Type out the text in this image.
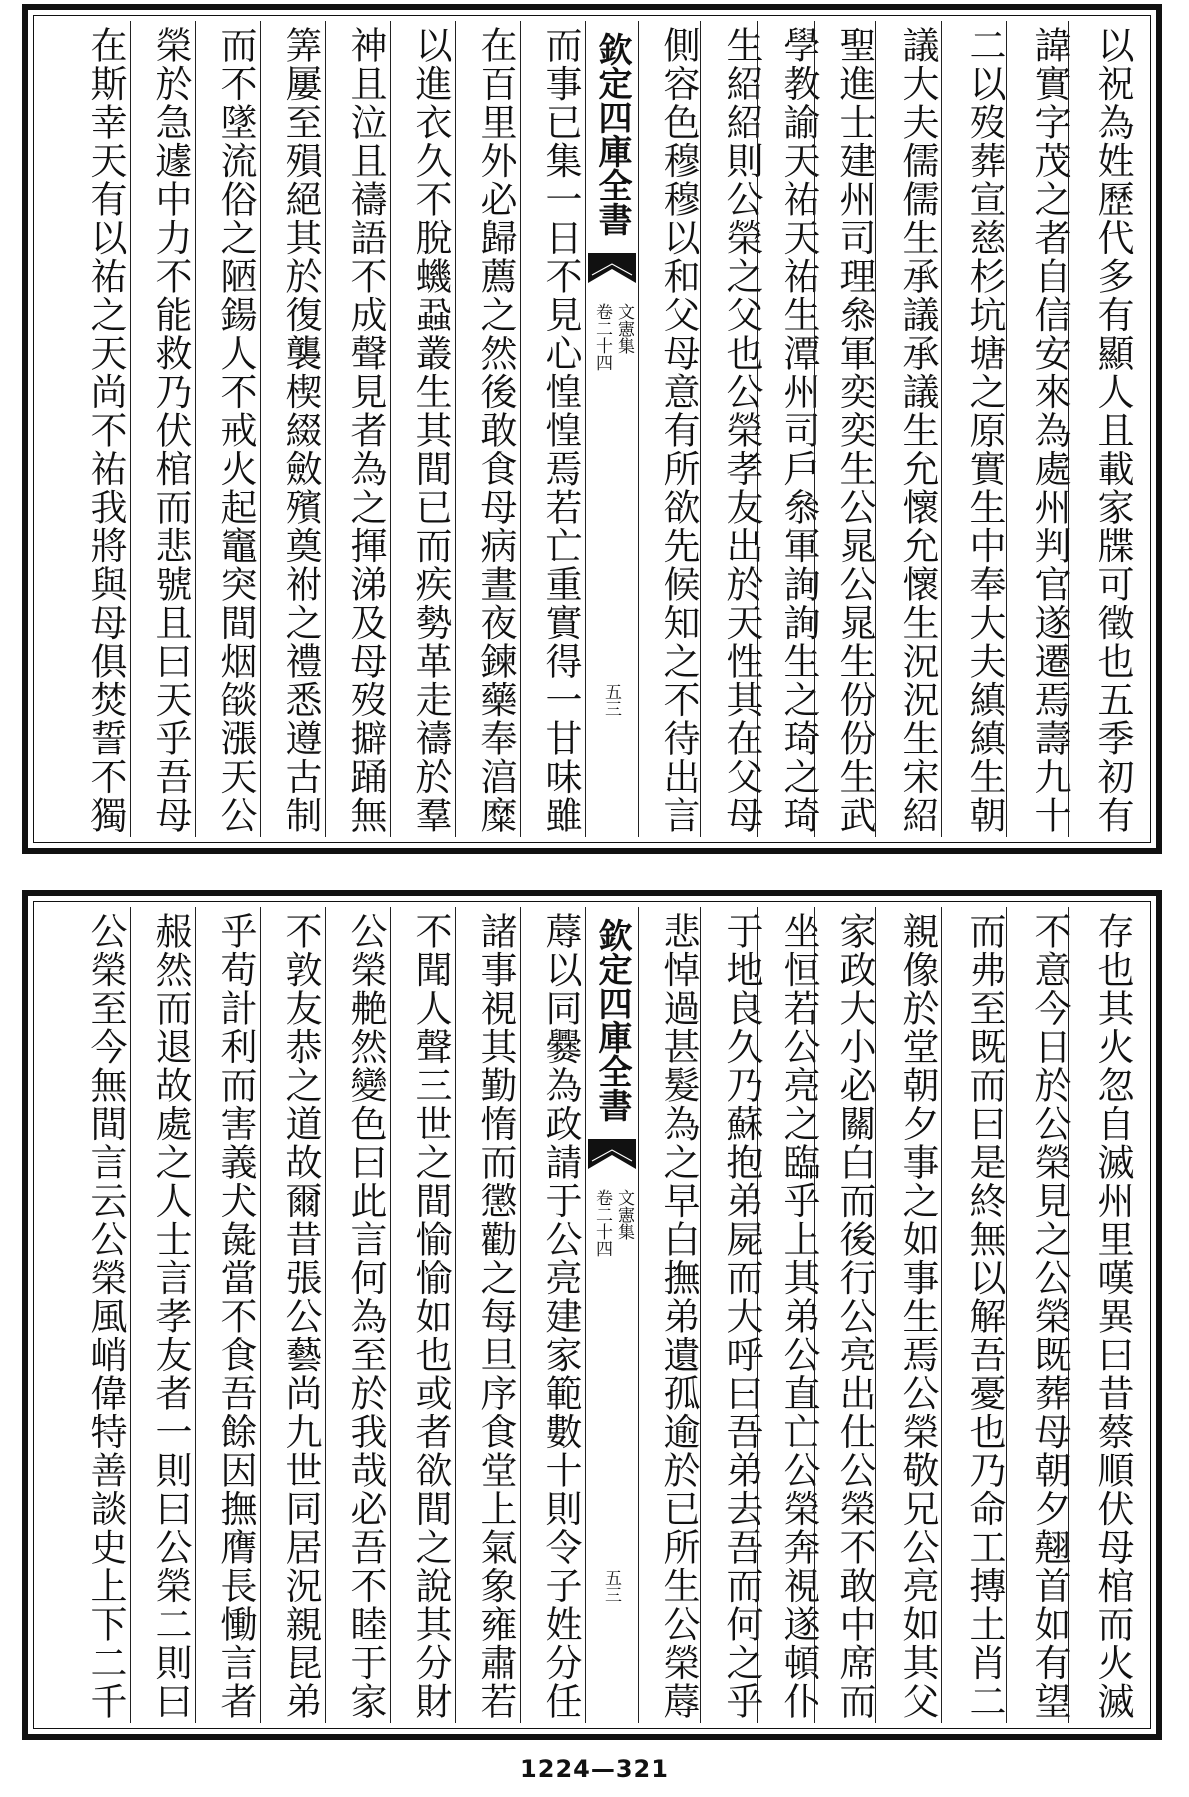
以祝為姓歷代多有顯人且載家牒可徵也五季初有
諱實字茂之者自信安來為處州判官遂遷焉壽九十
二以歿葬宣慈杉坑塘之原實生中奉大夫縝縝生朝
議大夫儒儒生承議承議生允懷允懷生況況生宋紹
聖進士建州司理叅軍奕奕生公晁公晁生份份生武
學教諭天祐天祐生潭州司戶叅軍詢詢生之琦之琦
生紹紹則公榮之父也公榮孝友出於天性其在父母
側容色穆穆以和父母意有所欲先候知之不待出言
欽定四庫全書
文憲集
卷二十四
五三
而事已集一日不見心惶惶焉若亡重實得一甘味雖
在百里外必歸薦之然後敢食母病晝夜鍊藥奉湻糜
以進衣久不脫蟣蝨叢生其間已而疾勢革走禱於羣
神且泣且禱語不成聲見者為之揮涕及母歿擗踊無
筭屢至殞絕其於復襲楔綴斂殯奠祔之禮悉遵古制
而不墜流俗之陋鍚人不戒火起竈突間烟燄漲天公
榮於急遽中力不能救乃伏棺而悲號且曰天乎吾母
在斯幸天有以祐之天尚不祐我將與母俱焚誓不獨
存也其火忽自滅州里嘆異曰昔蔡順伏母棺而火滅
不意今日於公榮見之公榮既葬母朝夕翹首如有望
而弗至既而曰是終無以解吾憂也乃命工摶土肖二
親像於堂朝夕事之如事生焉公榮敬兄公亮如其父
家政大小必關白而後行公亮出仕公榮不敢中席而
坐恒若公亮之臨乎上其弟公直亡公榮奔視遂頓仆
于地良久乃蘇抱弟屍而大呼曰吾弟去吾而何之乎
悲悼過甚髮為之早白撫弟遺孤逾於已所生公榮蓐
欽定四庫全書
文憲集
卷二十四
五三
蓐以同爨為政請于公亮建家範數十則令子姓分任
諸事視其勤惰而懲勸之每旦序食堂上氣象雍肅若
不聞人聲三世之間愉愉如也或者欲間之說其分財
公榮艴然變色曰此言何為至於我哉必吾不睦于家
不敦友恭之道故爾昔張公藝尚九世同居況親昆弟
乎苟計利而害義犬彘當不食吾餘因撫膺長慟言者
赧然而退故處之人士言孝友者一則曰公榮二則曰
公榮至今無間言云公榮風峭偉特善談史上下二千
1224—321
